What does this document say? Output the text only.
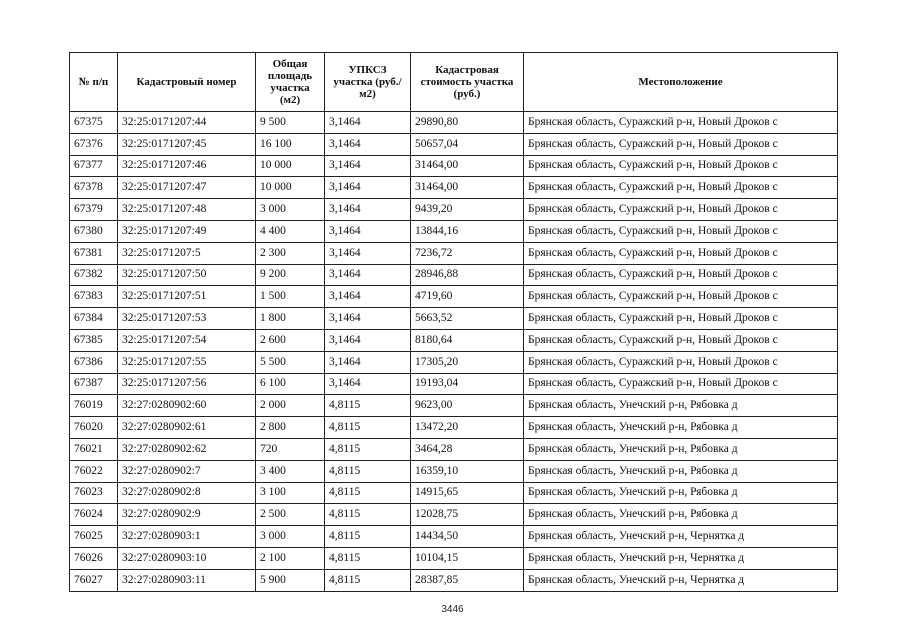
№ п/п	Кадастровый номер	Общая площадь участка (м2)	УПКСЗ участка (руб./м2)	Кадастровая стоимость участка (руб.)	Местоположение
67375	32:25:0171207:44	9 500	3,1464	29890,80	Брянская область, Суражский р-н, Новый Дроков с
67376	32:25:0171207:45	16 100	3,1464	50657,04	Брянская область, Суражский р-н, Новый Дроков с
67377	32:25:0171207:46	10 000	3,1464	31464,00	Брянская область, Суражский р-н, Новый Дроков с
67378	32:25:0171207:47	10 000	3,1464	31464,00	Брянская область, Суражский р-н, Новый Дроков с
67379	32:25:0171207:48	3 000	3,1464	9439,20	Брянская область, Суражский р-н, Новый Дроков с
67380	32:25:0171207:49	4 400	3,1464	13844,16	Брянская область, Суражский р-н, Новый Дроков с
67381	32:25:0171207:5	2 300	3,1464	7236,72	Брянская область, Суражский р-н, Новый Дроков с
67382	32:25:0171207:50	9 200	3,1464	28946,88	Брянская область, Суражский р-н, Новый Дроков с
67383	32:25:0171207:51	1 500	3,1464	4719,60	Брянская область, Суражский р-н, Новый Дроков с
67384	32:25:0171207:53	1 800	3,1464	5663,52	Брянская область, Суражский р-н, Новый Дроков с
67385	32:25:0171207:54	2 600	3,1464	8180,64	Брянская область, Суражский р-н, Новый Дроков с
67386	32:25:0171207:55	5 500	3,1464	17305,20	Брянская область, Суражский р-н, Новый Дроков с
67387	32:25:0171207:56	6 100	3,1464	19193,04	Брянская область, Суражский р-н, Новый Дроков с
76019	32:27:0280902:60	2 000	4,8115	9623,00	Брянская область, Унечский р-н, Рябовка д
76020	32:27:0280902:61	2 800	4,8115	13472,20	Брянская область, Унечский р-н, Рябовка д
76021	32:27:0280902:62	720	4,8115	3464,28	Брянская область, Унечский р-н, Рябовка д
76022	32:27:0280902:7	3 400	4,8115	16359,10	Брянская область, Унечский р-н, Рябовка д
76023	32:27:0280902:8	3 100	4,8115	14915,65	Брянская область, Унечский р-н, Рябовка д
76024	32:27:0280902:9	2 500	4,8115	12028,75	Брянская область, Унечский р-н, Рябовка д
76025	32:27:0280903:1	3 000	4,8115	14434,50	Брянская область, Унечский р-н, Чернятка д
76026	32:27:0280903:10	2 100	4,8115	10104,15	Брянская область, Унечский р-н, Чернятка д
76027	32:27:0280903:11	5 900	4,8115	28387,85	Брянская область, Унечский р-н, Чернятка д
3446
